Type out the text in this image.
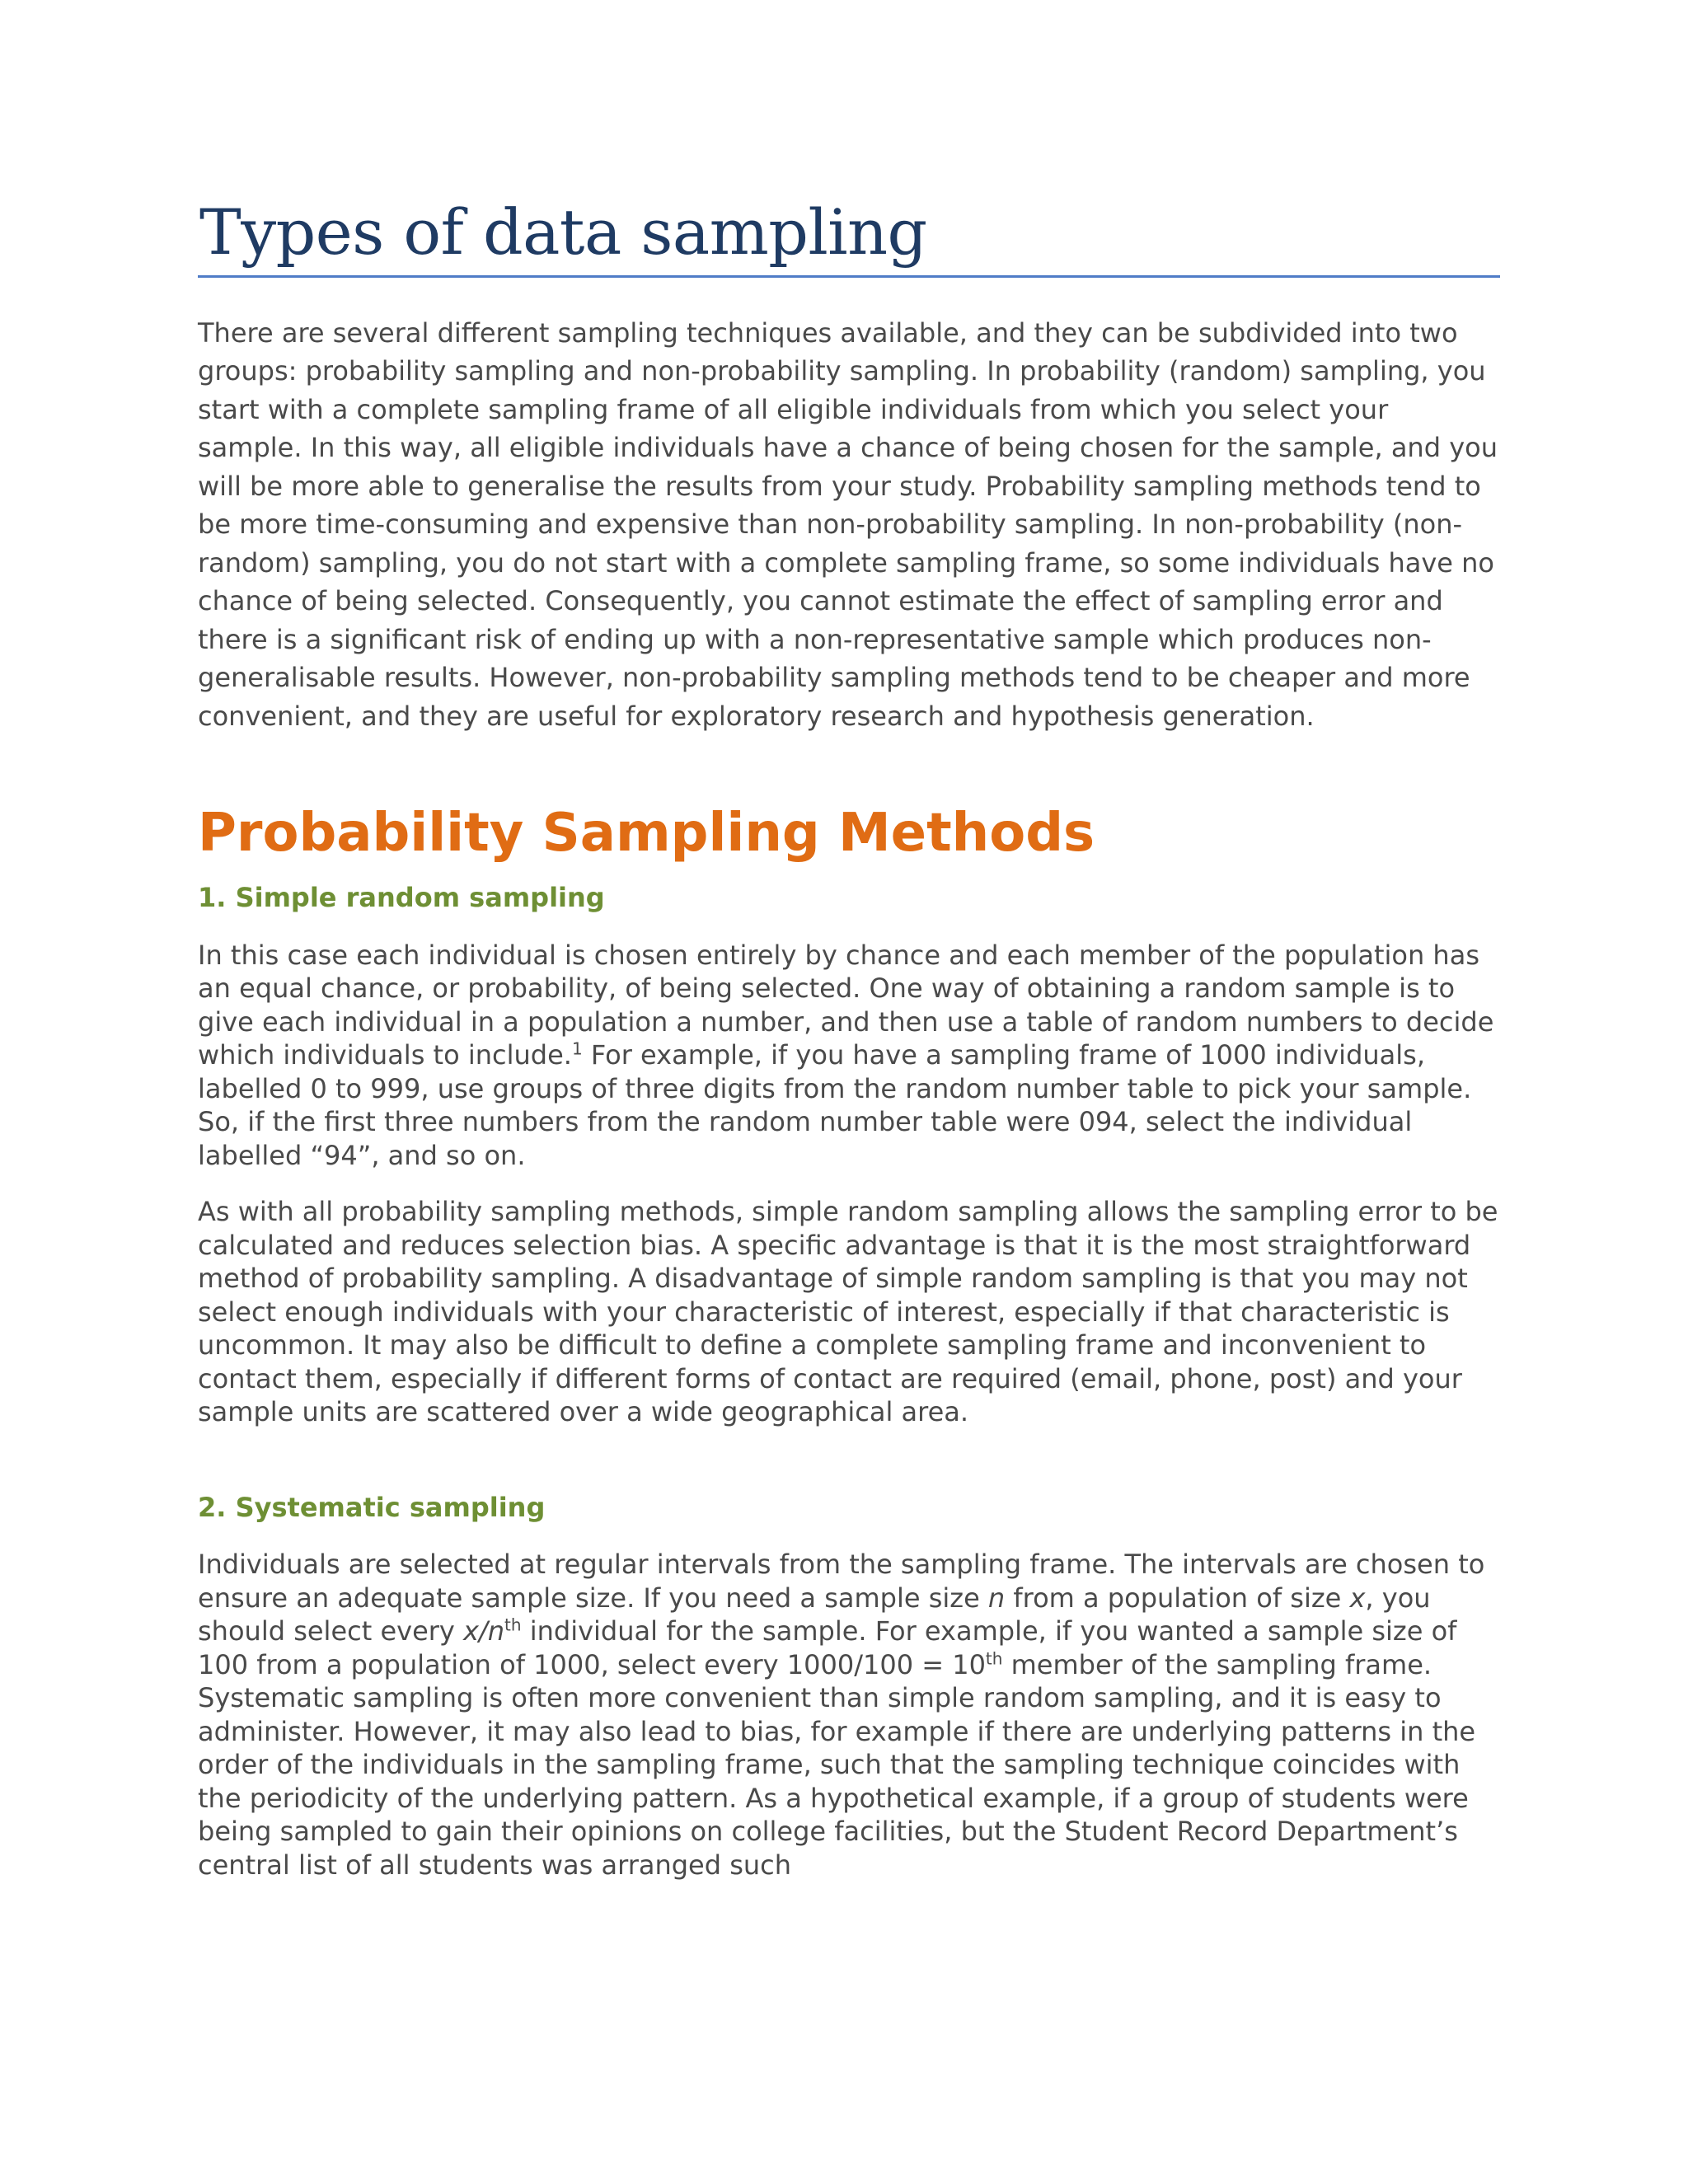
Types of data sampling

There are several different sampling techniques available, and they can be subdivided into two groups: probability sampling and non-probability sampling. In probability (random) sampling, you start with a complete sampling frame of all eligible individuals from which you select your sample. In this way, all eligible individuals have a chance of being chosen for the sample, and you will be more able to generalise the results from your study. Probability sampling methods tend to be more time-consuming and expensive than non-probability sampling. In non-probability (non-random) sampling, you do not start with a complete sampling frame, so some individuals have no chance of being selected. Consequently, you cannot estimate the effect of sampling error and there is a significant risk of ending up with a non-representative sample which produces non-generalisable results. However, non-probability sampling methods tend to be cheaper and more convenient, and they are useful for exploratory research and hypothesis generation.

Probability Sampling Methods
1. Simple random sampling

In this case each individual is chosen entirely by chance and each member of the population has an equal chance, or probability, of being selected. One way of obtaining a random sample is to give each individual in a population a number, and then use a table of random numbers to decide which individuals to include.$^1$ For example, if you have a sampling frame of 1000 individuals, labelled 0 to 999, use groups of three digits from the random number table to pick your sample. So, if the first three numbers from the random number table were 094, select the individual labelled “94”, and so on.

As with all probability sampling methods, simple random sampling allows the sampling error to be calculated and reduces selection bias. A specific advantage is that it is the most straightforward method of probability sampling. A disadvantage of simple random sampling is that you may not select enough individuals with your characteristic of interest, especially if that characteristic is uncommon. It may also be difficult to define a complete sampling frame and inconvenient to contact them, especially if different forms of contact are required (email, phone, post) and your sample units are scattered over a wide geographical area.

2. Systematic sampling

Individuals are selected at regular intervals from the sampling frame. The intervals are chosen to ensure an adequate sample size. If you need a sample size n from a population of size x, you should select every $x/n^{th}$ individual for the sample. For example, if you wanted a sample size of 100 from a population of 1000, select every 1000/100 = 10th member of the sampling frame.
Systematic sampling is often more convenient than simple random sampling, and it is easy to administer. However, it may also lead to bias, for example if there are underlying patterns in the order of the individuals in the sampling frame, such that the sampling technique coincides with the periodicity of the underlying pattern. As a hypothetical example, if a group of students were being sampled to gain their opinions on college facilities, but the Student Record Department’s central list of all students was arranged such
